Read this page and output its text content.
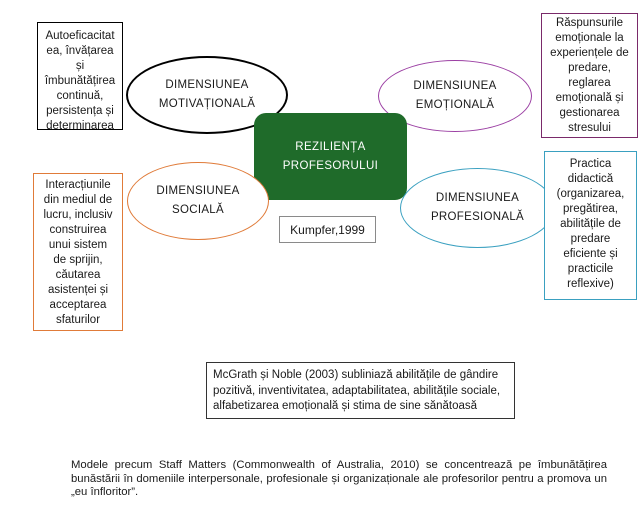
Autoeficacitat
ea, învățarea
și
îmbunătățirea
continuă,
persistența și
determinarea
DIMENSIUNEA
MOTIVAȚIONALĂ
DIMENSIUNEA
EMOȚIONALĂ
Răspunsurile
emoționale la
experiențele de
predare,
reglarea
emoțională și
gestionarea
stresului
REZILIENȚA
PROFESORULUI
Interacțiunile
din mediul de
lucru, inclusiv
construirea
unui sistem
de sprijin,
căutarea
asistenței și
acceptarea
sfaturilor
DIMENSIUNEA
SOCIALĂ
Kumpfer,1999
DIMENSIUNEA
PROFESIONALĂ
Practica
didactică
(organizarea,
pregătirea,
abilitățile de
predare
eficiente și
practicile
reflexive)
McGrath și Noble (2003) subliniază abilitățile de gândire pozitivă, inventivitatea, adaptabilitatea, abilitățile sociale, alfabetizarea emoțională și stima de sine sănătoasă
Modele precum Staff Matters (Commonwealth of Australia, 2010) se concentrează pe îmbunătățirea bunăstării în domeniile interpersonale, profesionale și organizaționale ale profesorilor pentru a promova un „eu înfloritor”.
